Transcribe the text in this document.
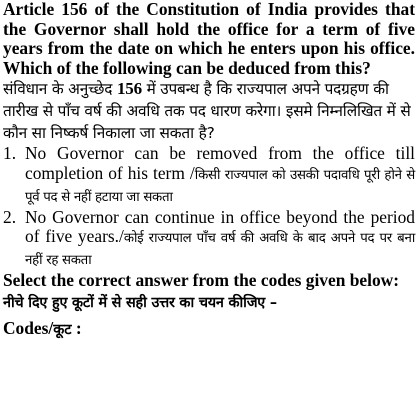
Article 156 of the Constitution of India provides that the Governor shall hold the office for a term of five years from the date on which he enters upon his office. Which of the following can be deduced from this?

संविधान के अनुच्छेद 156 में उपबन्ध है कि राज्यपाल अपने पदग्रहण की तारीख से पाँच वर्ष की अवधि तक पद धारण करेगा। इसमे निम्नलिखित में से कौन सा निष्कर्ष निकाला जा सकता है?

1. No Governor can be removed from the office till completion of his term /किसी राज्यपाल को उसकी पदावधि पूरी होने से पूर्व पद से नहीं हटाया जा सकता
2. No Governor can continue in office beyond the period of five years./कोई राज्यपाल पाँच वर्ष की अवधि के बाद अपने पद पर बना नहीं रह सकता

Select the correct answer from the codes given below:

नीचे दिए हुए कूटों में से सही उत्तर का चयन कीजिए –

Codes/कूट :
